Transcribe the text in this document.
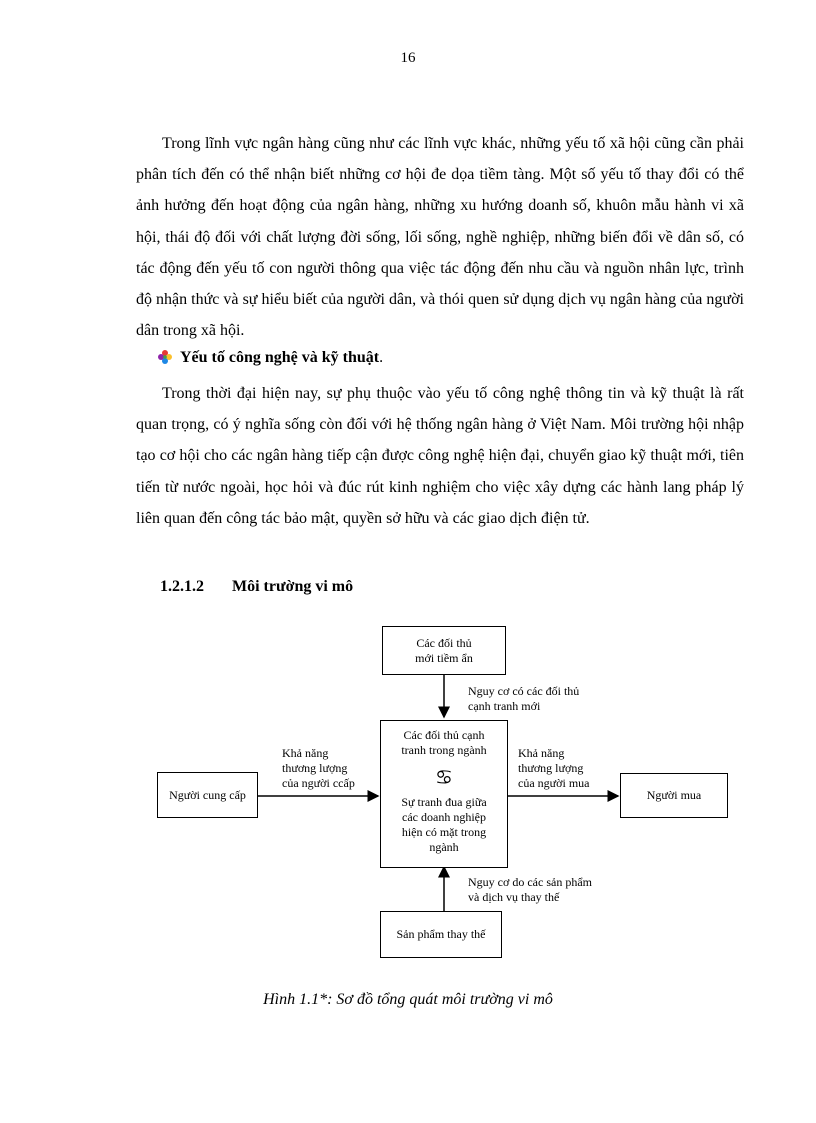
16

Trong lĩnh vực ngân hàng cũng như các lĩnh vực khác, những yếu tố xã hội cũng cần phải phân tích đến có thể nhận biết những cơ hội đe dọa tiềm tàng. Một số yếu tố thay đổi có thể ảnh hưởng đến hoạt động của ngân hàng, những xu hướng doanh số, khuôn mẫu hành vi xã hội, thái độ đối với chất lượng đời sống, lối sống, nghề nghiệp, những biến đổi về dân số, có tác động đến yếu tố con người thông qua việc tác động đến nhu cầu và nguồn nhân lực, trình độ nhận thức và sự hiểu biết của người dân, và thói quen sử dụng dịch vụ ngân hàng của người dân trong xã hội.

Yếu tố công nghệ và kỹ thuật.

Trong thời đại hiện nay, sự phụ thuộc vào yếu tố công nghệ thông tin và kỹ thuật là rất quan trọng, có ý nghĩa sống còn đối với hệ thống ngân hàng ở Việt Nam. Môi trường hội nhập tạo cơ hội cho các ngân hàng tiếp cận được công nghệ hiện đại, chuyển giao kỹ thuật mới, tiên tiến từ nước ngoài, học hỏi và đúc rút kinh nghiệm cho việc xây dựng các hành lang pháp lý liên quan đến công tác bảo mật, quyền sở hữu và các giao dịch điện tử.

1.2.1.2 Môi trường vi mô
Các đối thủ
mới tiềm ẩn
Nguy cơ có các đối thủ
cạnh tranh mới
Các đối thủ cạnh
tranh trong ngành
♋
Sự tranh đua giữa
các doanh nghiệp
hiện có mặt trong
ngành
Người cung cấp
Khả năng
thương lượng
của người ccấp
Người mua
Khả năng
thương lượng
của người mua
Nguy cơ do các sản phẩm
và dịch vụ thay thế
Sản phẩm thay thế
Hình 1.1*: Sơ đồ tổng quát môi trường vi mô
